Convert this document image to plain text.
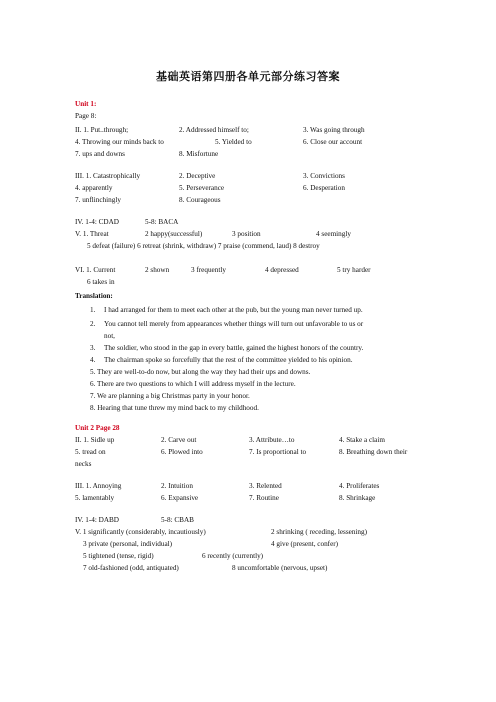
基础英语第四册各单元部分练习答案
Unit 1:
Page 8:
II. 1. Put..through;	2. Addressed himself to;	3. Was going through
4. Throwing our minds back to	5. Yielded to	6. Close our account
7. ups and downs	8. Misfortune
III. 1. Catastrophically	2. Deceptive	3. Convictions
4. apparently	5. Perseverance	6. Desperation
7. unflinchingly	8. Courageous
IV. 1-4: CDAD	5-8: BACA
V. 1. Threat	2 happy(successful)	3 position	4 seemingly
5 defeat (failure) 6 retreat (shrink, withdraw) 7 praise (commend, laud) 8 destroy
VI. 1. Current	2 shown	3 frequently	4 depressed	5 try harder
6 takes in
Translation:
1. I had arranged for them to meet each other at the pub, but the young man never turned up.
2. You cannot tell merely from appearances whether things will turn out unfavorable to us or
not,
3. The soldier, who stood in the gap in every battle, gained the highest honors of the country.
4. The chairman spoke so forcefully that the rest of the committee yielded to his opinion.
5. They are well-to-do now, but along the way they had their ups and downs.
6. There are two questions to which I will address myself in the lecture.
7. We are planning a big Christmas party in your honor.
8. Hearing that tune threw my mind back to my childhood.
Unit 2 Page 28
II. 1. Sidle up	2. Carve out	3. Attribute…to	4. Stake a claim
5. tread on	6. Plowed into	7. Is proportional to	8. Breathing down their
necks
III. 1. Annoying	2. Intuition	3. Relented	4. Proliferates
5. lamentably	6. Expansive	7. Routine	8. Shrinkage
IV. 1-4: DABD	5-8: CBAB
V. 1 significantly (considerably, incautiously)	2 shrinking ( receding, lessening)
3 private (personal, individual)	4 give (present, confer)
5 tightened (tense, rigid)	6 recently (currently)
7 old-fashioned (odd, antiquated)	8 uncomfortable (nervous, upset)
